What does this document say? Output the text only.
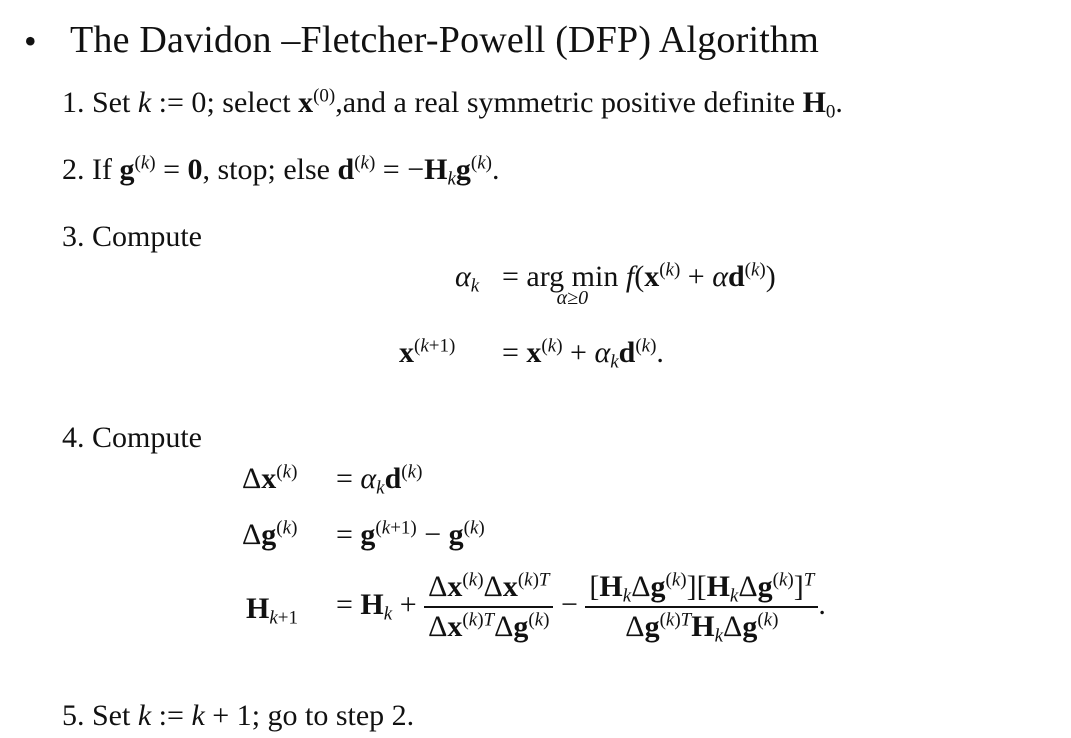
• The Davidon –Fletcher-Powell (DFP) Algorithm
1. Set k := 0; select $x^{(0)},and$ a real symmetric positive definite $H_0$.
2. If $g^{(k)} = 0$, stop; else $d^{(k)} = -H_kg^{(k)}$.
3. Compute
$\alpha_k$ = arg min
α≥0
$f(x^{(k)} + \alpha d^{(k)})$
$x^{(k+1)} = x^{(k)} + \alpha_kd^{(k)}$.
4. Compute
$\Delta x^{(k)} = \alpha_kd^{(k)}$
$\Delta g^{(k)} = g^{(k+1)} - g^{(k)}$
$H_{k+1} = H_k + \frac{\Delta x^{(k)}\Delta x^{(k)T}}{\Delta x^{(k)T}\Delta g^{(k)}} - \frac{[H_k\Delta g^{(k)}][H_k\Delta g^{(k)}]^T}{\Delta g^{(k)T}H_k\Delta g^{(k)}}$ .
5. Set k := k + 1; go to step 2.
